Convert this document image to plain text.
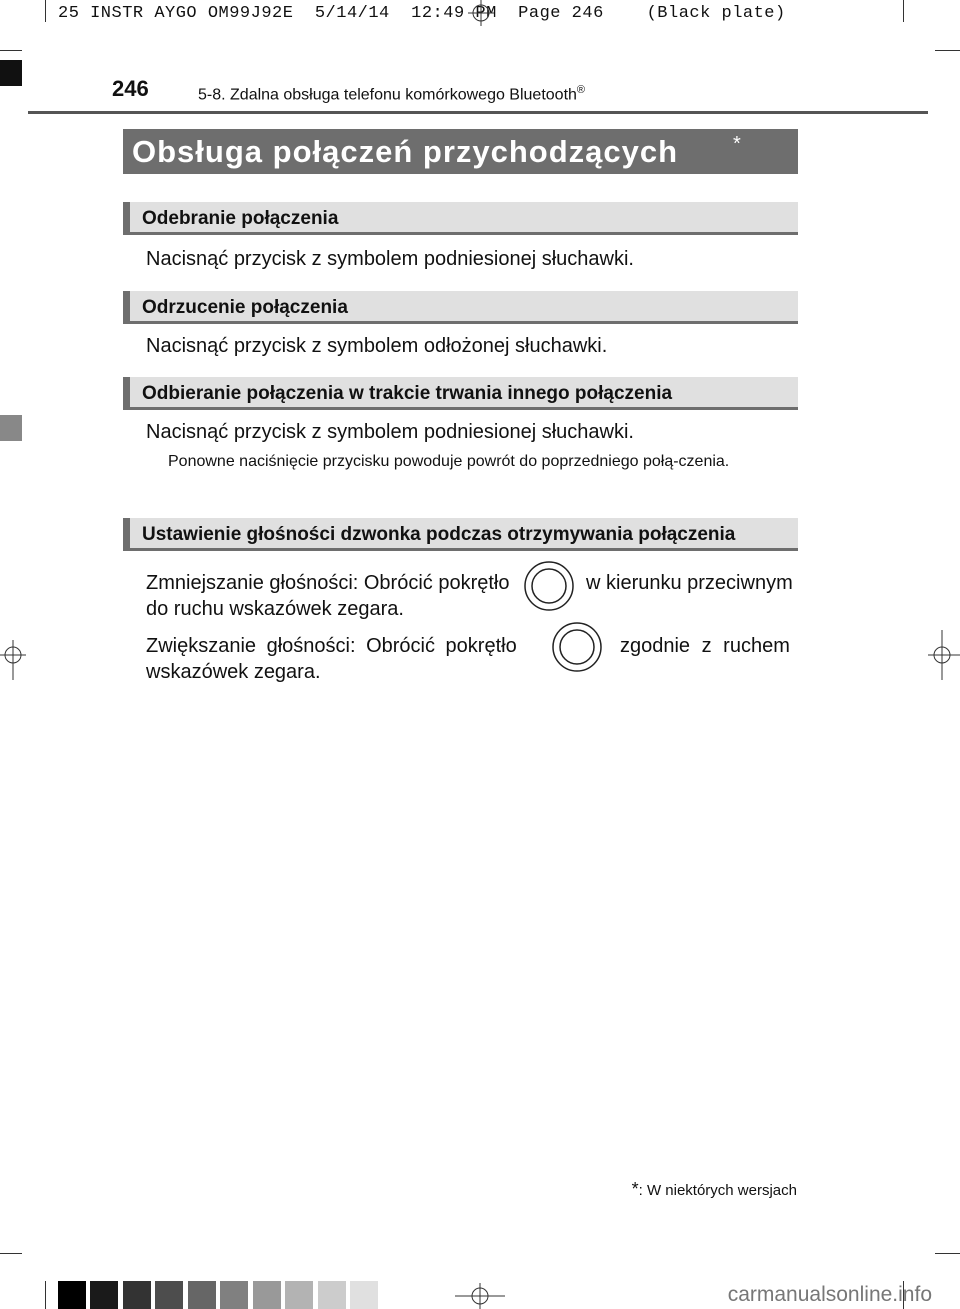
25 INSTR AYGO OM99J92E  5/14/14  12:49 PM  Page 246    (Black plate)
246	5-8. Zdalna obsługa telefonu komórkowego Bluetooth®
Obsługa połączeń przychodzących	*
Odebranie połączenia
Nacisnąć przycisk z symbolem podniesionej słuchawki.
Odrzucenie połączenia
Nacisnąć przycisk z symbolem odłożonej słuchawki.
Odbieranie połączenia w trakcie trwania innego połączenia
Nacisnąć przycisk z symbolem podniesionej słuchawki.
Ponowne naciśnięcie przycisku powoduje powrót do poprzedniego połą-czenia.
Ustawienie głośności dzwonka podczas otrzymywania połączenia
Zmniejszanie głośności: Obrócić pokrętło	w kierunku przeciwnym
do ruchu wskazówek zegara.
Zwiększanie głośności: Obrócić pokrętło	zgodnie z ruchem
wskazówek zegara.
*: W niektórych wersjach
carmanualsonline.info
